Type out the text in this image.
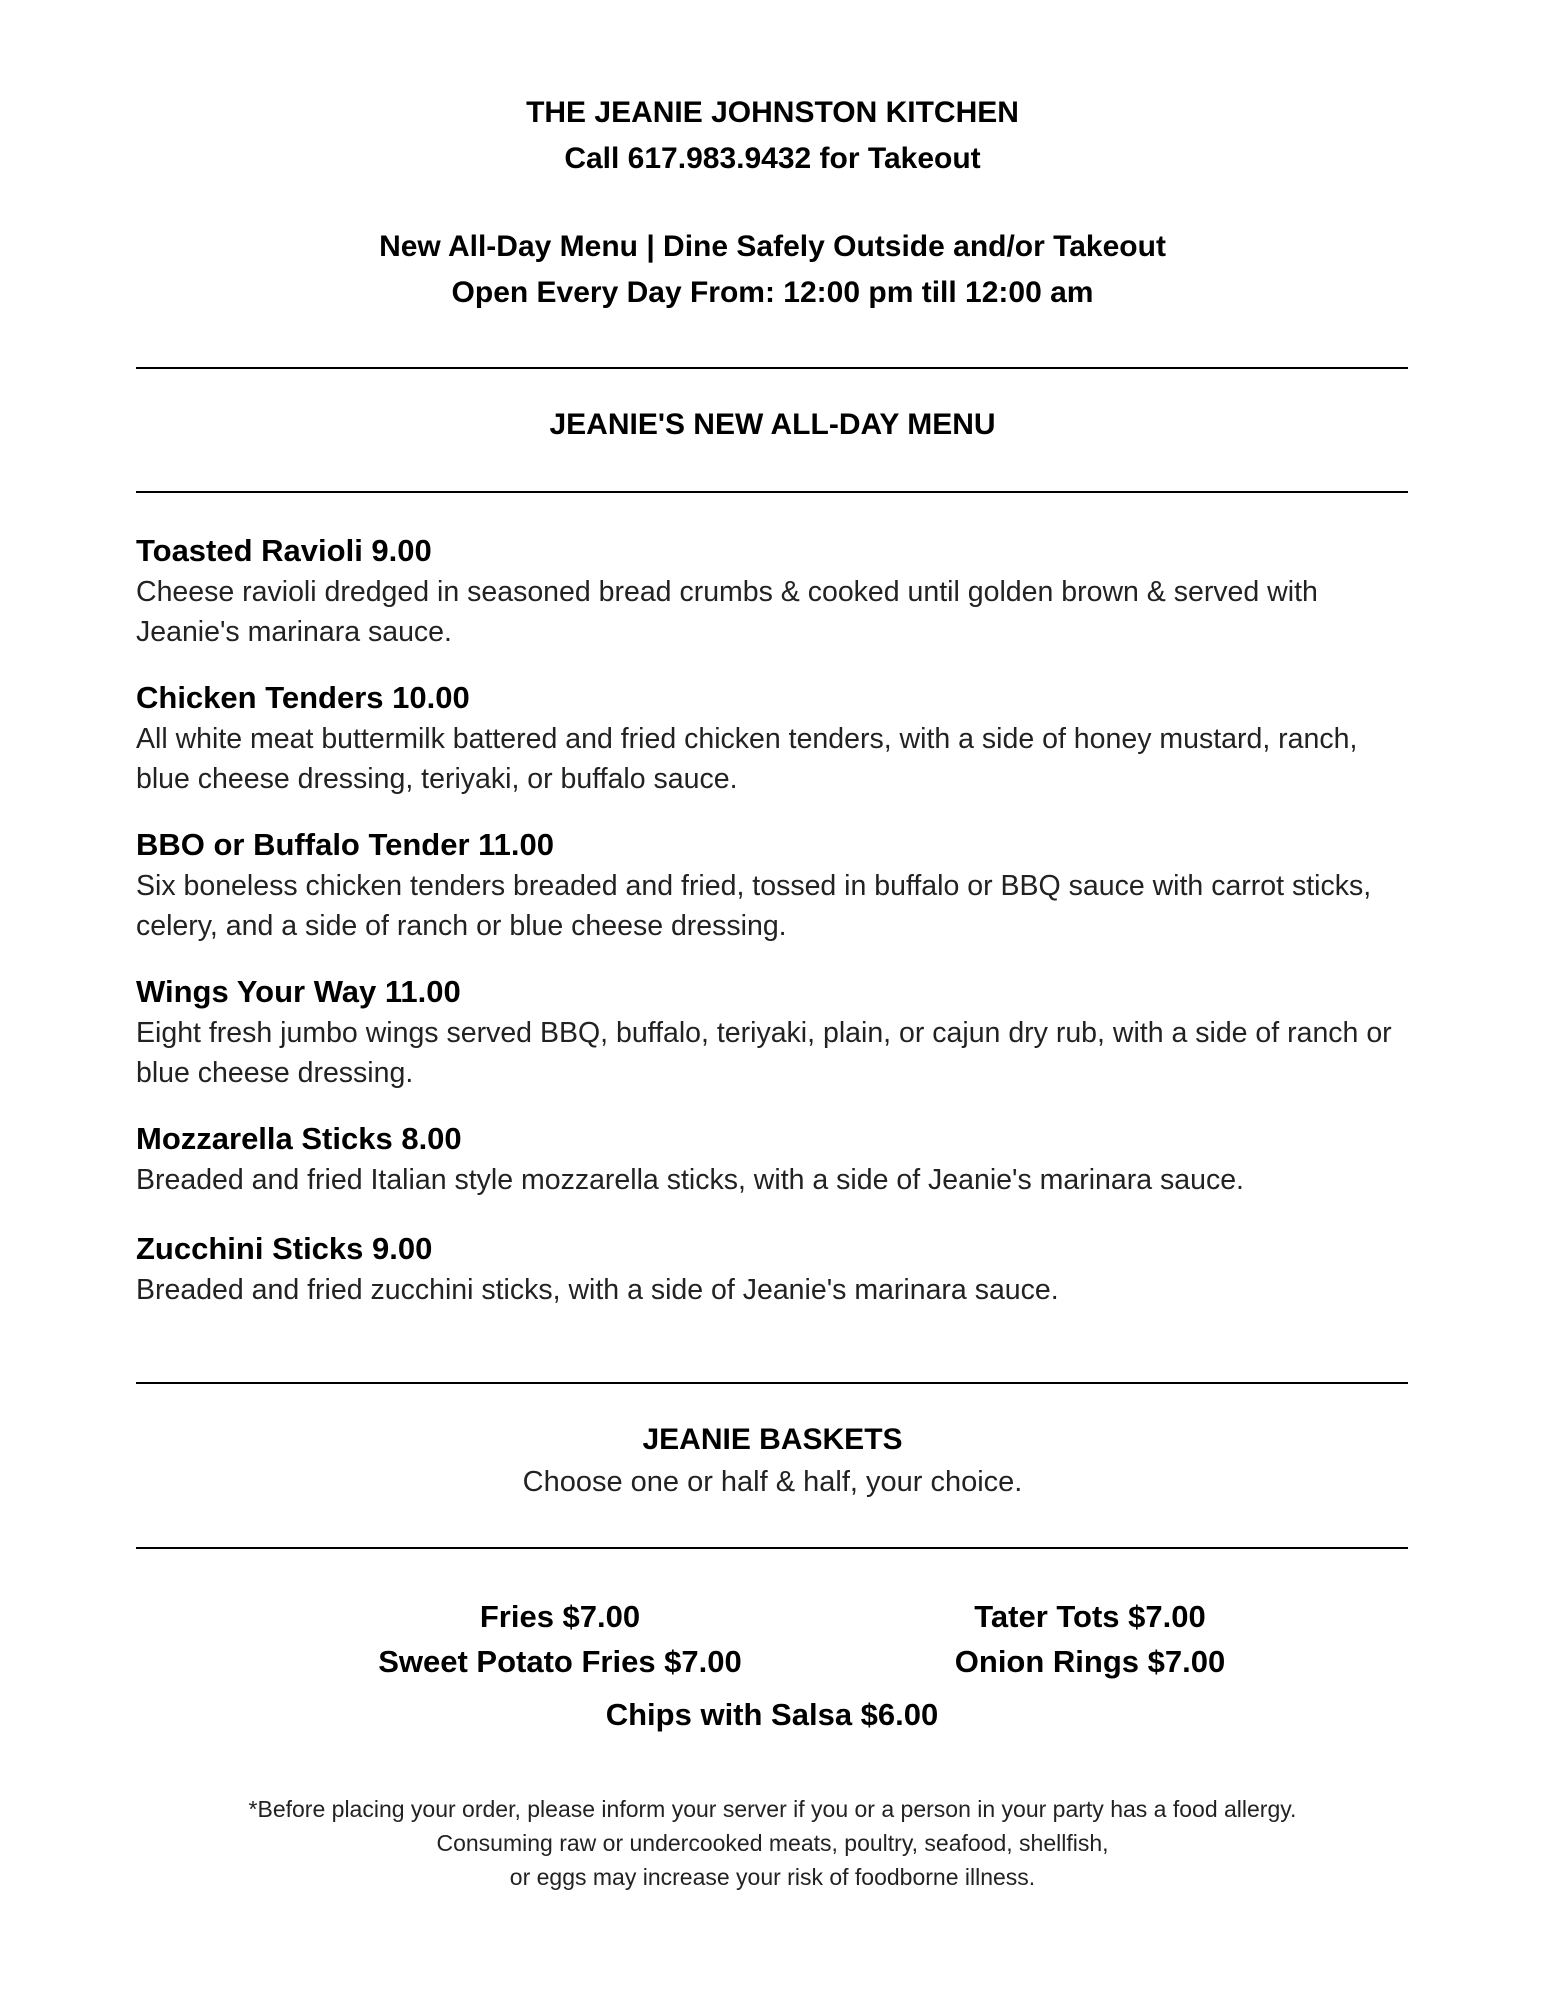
THE JEANIE JOHNSTON KITCHEN
Call 617.983.9432 for Takeout
New All-Day Menu | Dine Safely Outside and/or Takeout
Open Every Day From: 12:00 pm till 12:00 am
JEANIE'S NEW ALL-DAY MENU
Toasted Ravioli 9.00
Cheese ravioli dredged in seasoned bread crumbs & cooked until golden brown & served with Jeanie's marinara sauce.
Chicken Tenders 10.00
All white meat buttermilk battered and fried chicken tenders, with a side of honey mustard, ranch, blue cheese dressing, teriyaki, or buffalo sauce.
BBO or Buffalo Tender 11.00
Six boneless chicken tenders breaded and fried, tossed in buffalo or BBQ sauce with carrot sticks, celery, and a side of ranch or blue cheese dressing.
Wings Your Way 11.00
Eight fresh jumbo wings served BBQ, buffalo, teriyaki, plain, or cajun dry rub, with a side of ranch or blue cheese dressing.
Mozzarella Sticks 8.00
Breaded and fried Italian style mozzarella sticks, with a side of Jeanie's marinara sauce.
Zucchini Sticks 9.00
Breaded and fried zucchini sticks, with a side of Jeanie's marinara sauce.
JEANIE BASKETS
Choose one or half & half, your choice.
Fries $7.00	Tater Tots $7.00
Sweet Potato Fries $7.00	Onion Rings $7.00
Chips with Salsa $6.00
*Before placing your order, please inform your server if you or a person in your party has a food allergy.
Consuming raw or undercooked meats, poultry, seafood, shellfish,
or eggs may increase your risk of foodborne illness.
